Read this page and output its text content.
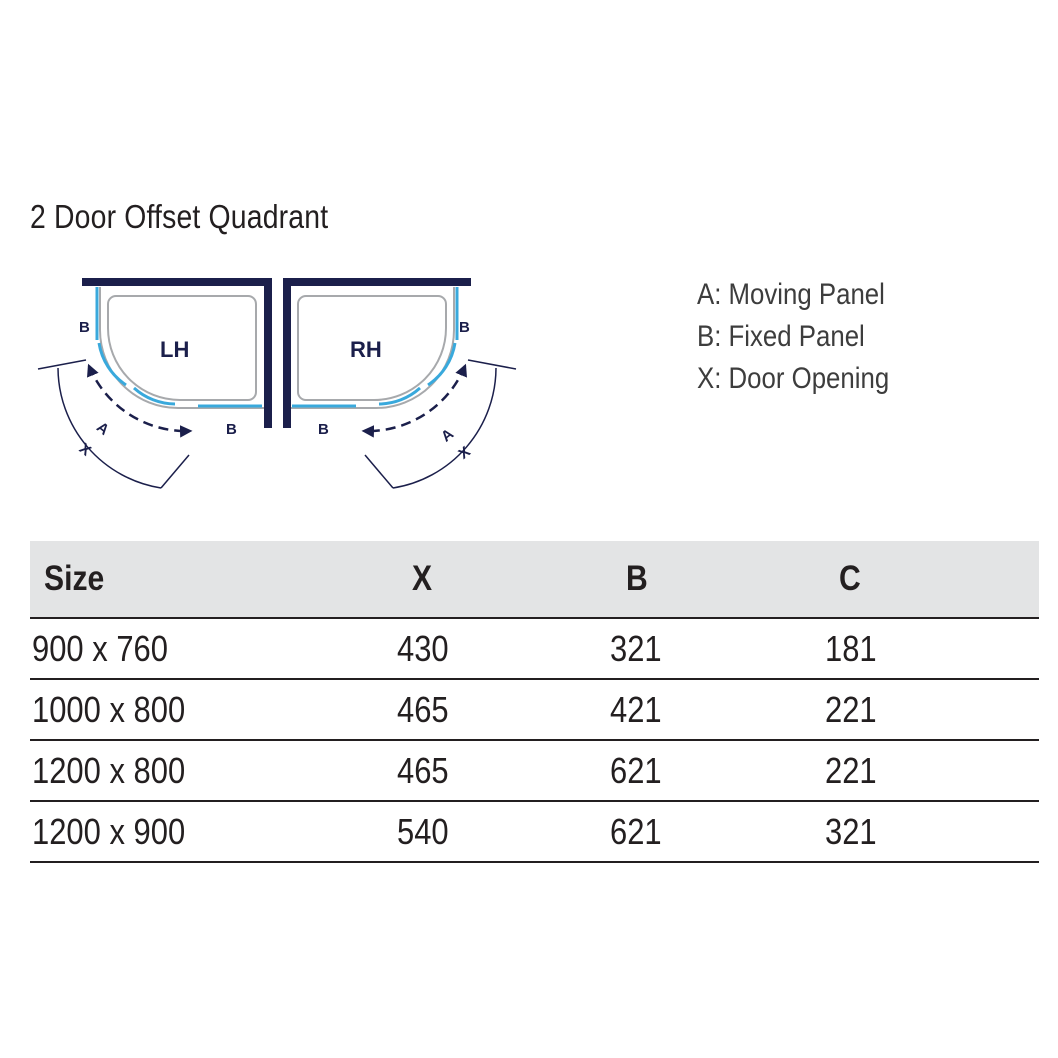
2 Door Offset Quadrant
LH
B
B
A
X
RH
B
B	A
X
A: Moving Panel
B: Fixed Panel
X: Door Opening
Size	X	B	C
900 x 760	430	321	181
1000 x 800	465	421	221
1200 x 800	465	621	221
1200 x 900	540	621	321
